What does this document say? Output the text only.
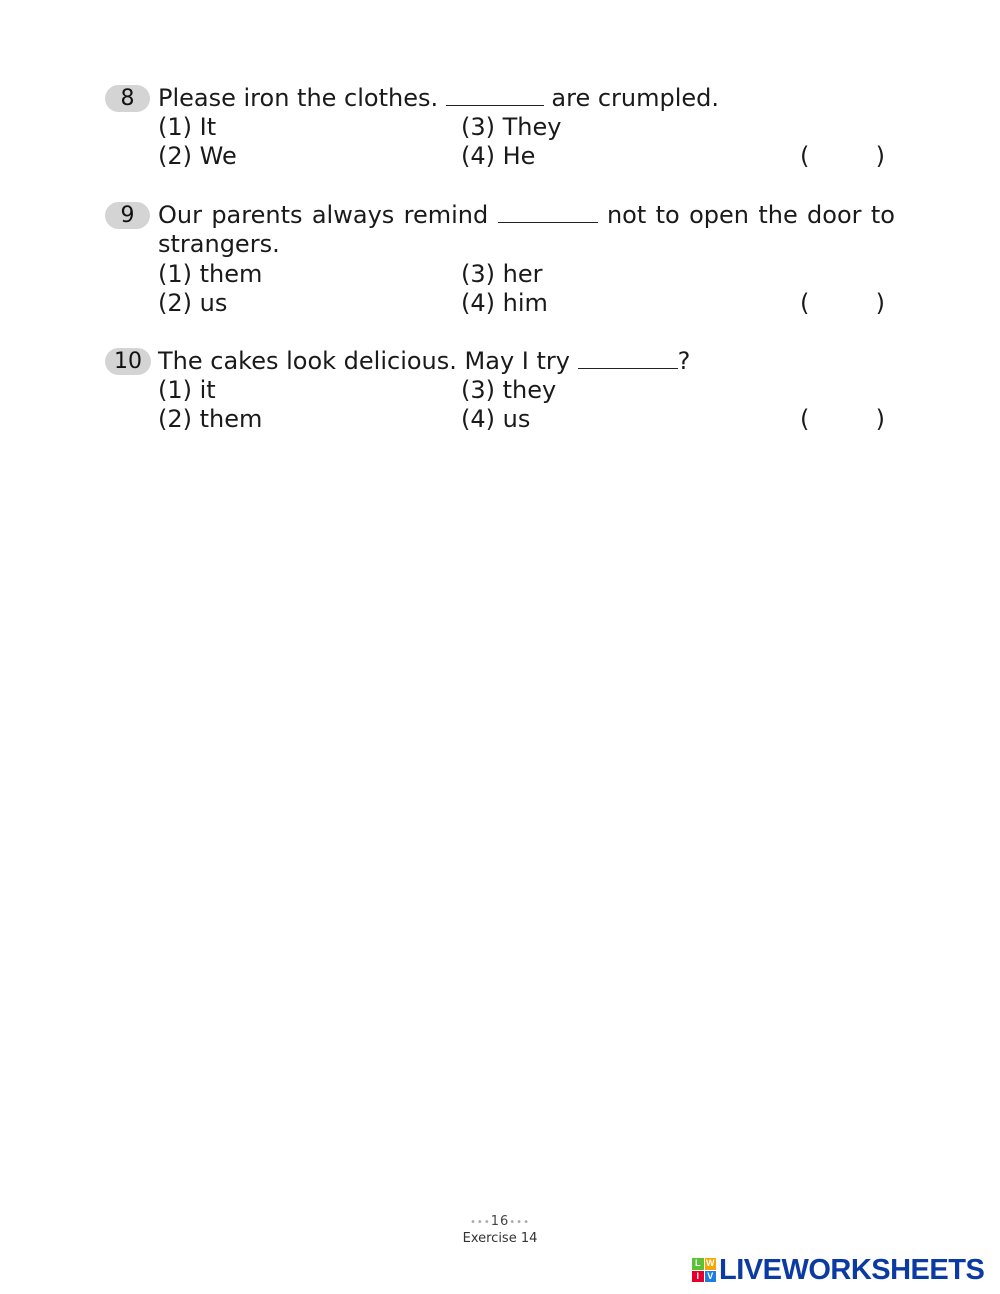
8 Please iron the clothes.	are crumpled.
(1) It	(3) They
(2) We	(4) He	(	)
9 Our parents always remind	not to open the door to strangers.
(1) them	(3) her
(2) us	(4) him	(	)
10 The cakes look delicious. May I try	?
(1) it	(3) they
(2) them	(4) us	(	)
•••16•••
Exercise 14
L W
I V LIVEWORKSHEETS
